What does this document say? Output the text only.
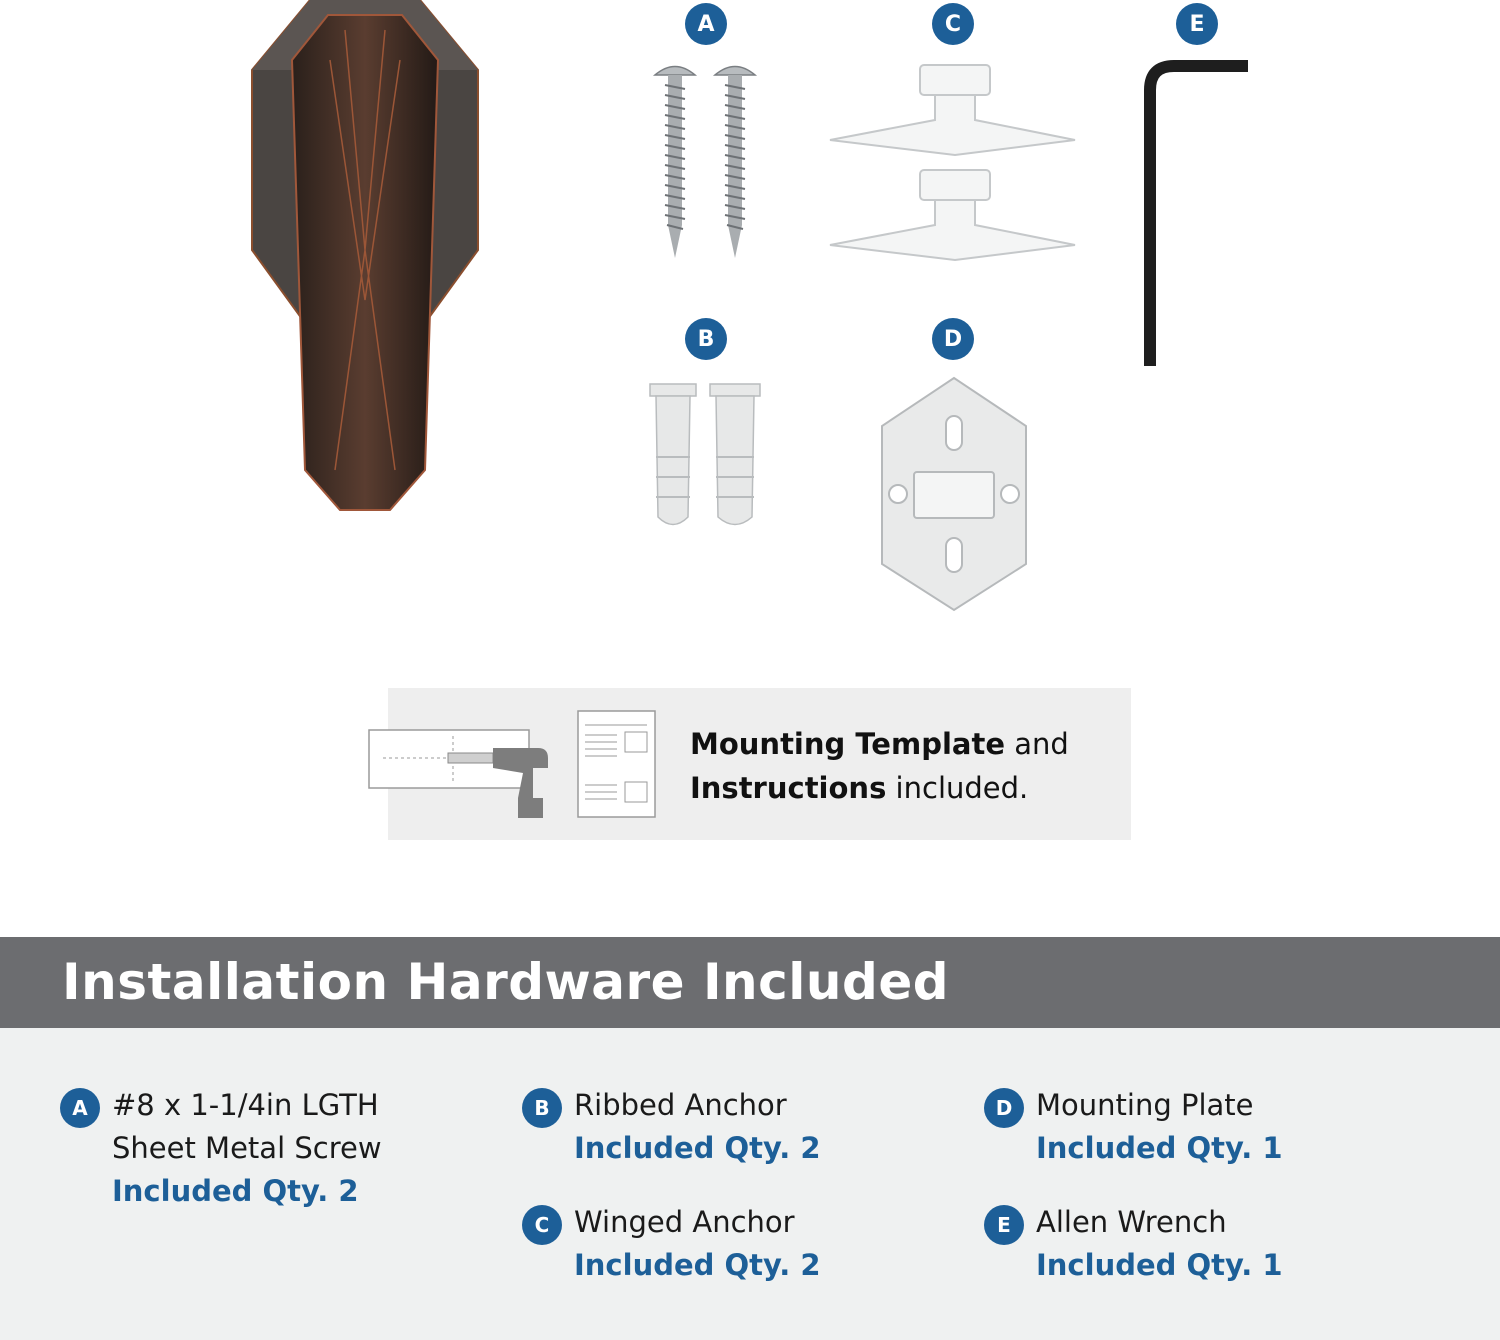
A	C	E
B	D
Mounting Template and
Instructions included.
Installation Hardware Included
A #8 x 1-1/4in LGTH
Sheet Metal Screw
Included Qty. 2
B Ribbed Anchor
Included Qty. 2
C Winged Anchor
Included Qty. 2
D Mounting Plate
Included Qty. 1
E Allen Wrench
Included Qty. 1
